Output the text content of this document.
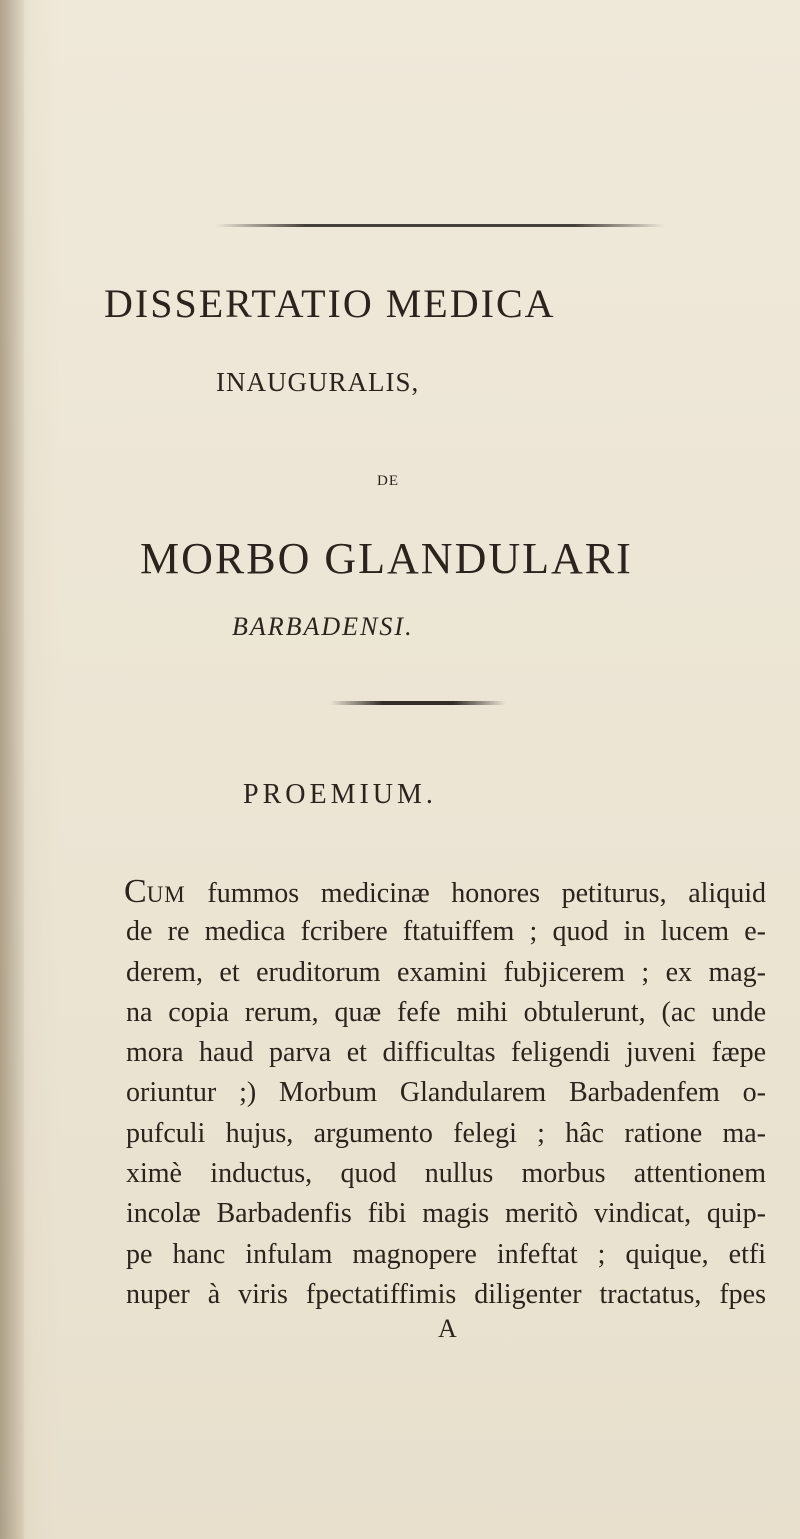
DISSERTATIO MEDICA
INAUGURALIS,
DE
MORBO GLANDULARI
BARBADENSI.
PROEMIUM.
CUM fummos medicinæ honores petiturus, aliquid
de re medica fcribere ftatuiffem ; quod in lucem e-
derem, et eruditorum examini fubjicerem ; ex mag-
na copia rerum, quæ fefe mihi obtulerunt, (ac unde
mora haud parva et difficultas feligendi juveni fæpe
oriuntur ;) Morbum Glandularem Barbadenfem o-
pufculi hujus, argumento felegi ; hâc ratione ma-
ximè inductus, quod nullus morbus attentionem
incolæ Barbadenfis fibi magis meritò vindicat, quip-
pe hanc infulam magnopere infeftat ; quique, etfi
nuper à viris fpectatiffimis diligenter tractatus, fpes
A
